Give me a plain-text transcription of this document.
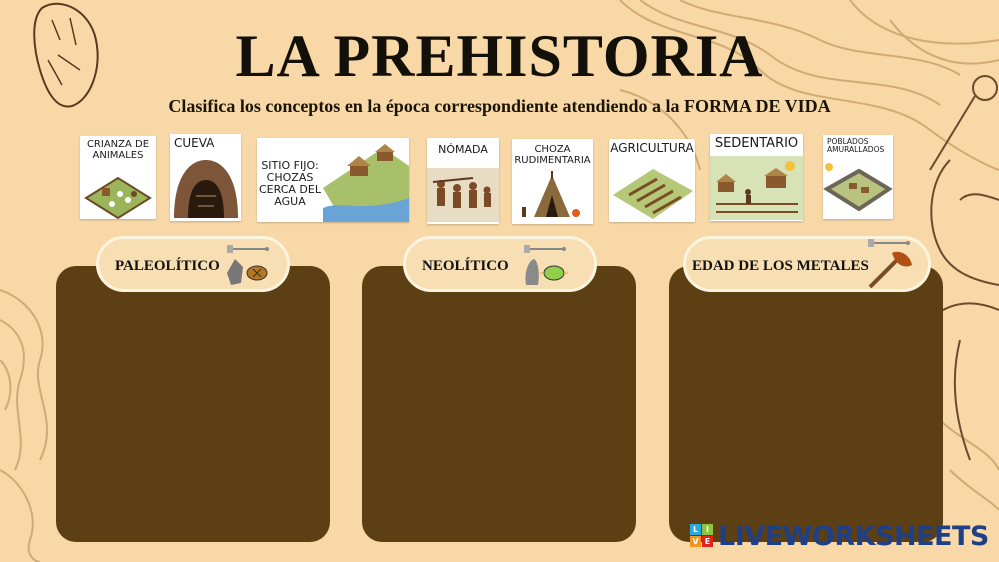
LA PREHISTORIA

Clasifica los conceptos en la época correspondiente atendiendo a la FORMA DE VIDA

CRIANZA DE ANIMALES
CUEVA
SITIO FIJO: CHOZAS CERCA DEL AGUA
NÓMADA	CHOZA RUDIMENTARIA
AGRICULTURA	SEDENTARIO	POBLADOS AMURALLADOS
PALEOLÍTICO	NEOLÍTICO	EDAD DE LOS METALES
L I
V E LIVEWORKSHEETS
